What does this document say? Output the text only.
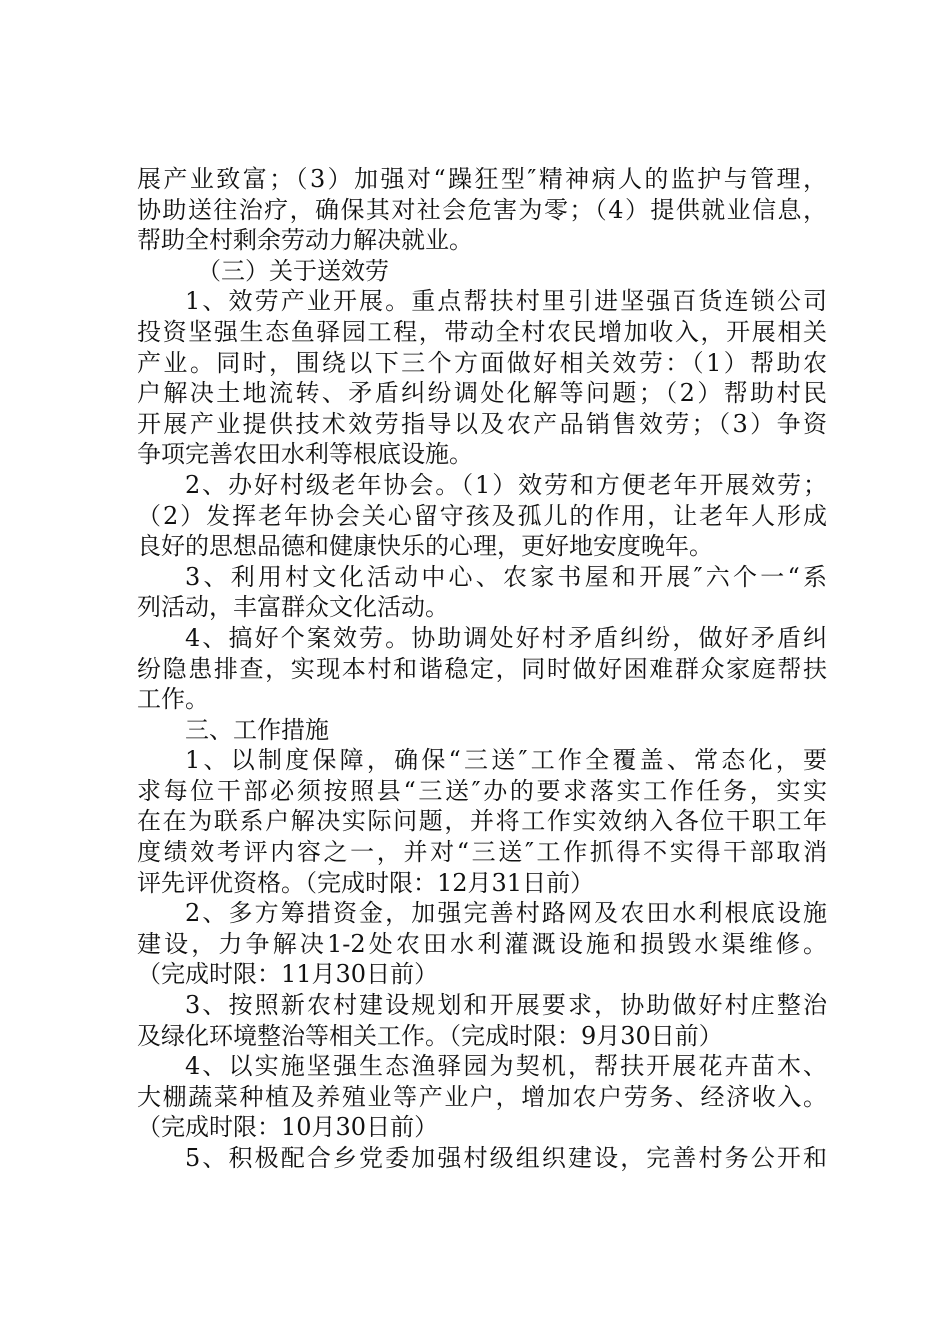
展产业致富；（3）加强对“躁狂型″精神病人的监护与管理，
协助送往治疗，确保其对社会危害为零；（4）提供就业信息，
帮助全村剩余劳动力解决就业。
（三）关于送效劳
1、效劳产业开展。重点帮扶村里引进坚强百货连锁公司
投资坚强生态鱼驿园工程，带动全村农民增加收入，开展相关
产业。同时，围绕以下三个方面做好相关效劳：（1）帮助农
户解决土地流转、矛盾纠纷调处化解等问题；（2）帮助村民
开展产业提供技术效劳指导以及农产品销售效劳；（3）争资
争项完善农田水利等根底设施。
2、办好村级老年协会。（1）效劳和方便老年开展效劳；
（2）发挥老年协会关心留守孩及孤儿的作用，让老年人形成
良好的思想品德和健康快乐的心理，更好地安度晚年。
3、利用村文化活动中心、农家书屋和开展″六个一“系
列活动，丰富群众文化活动。
4、搞好个案效劳。协助调处好村矛盾纠纷，做好矛盾纠
纷隐患排查，实现本村和谐稳定，同时做好困难群众家庭帮扶
工作。
三、工作措施
1、以制度保障，确保“三送″工作全覆盖、常态化，要
求每位干部必须按照县“三送″办的要求落实工作任务，实实
在在为联系户解决实际问题，并将工作实效纳入各位干职工年
度绩效考评内容之一，并对“三送″工作抓得不实得干部取消
评先评优资格。（完成时限：12月31日前）
2、多方筹措资金，加强完善村路网及农田水利根底设施
建设，力争解决1-2处农田水利灌溉设施和损毁水渠维修。
（完成时限：11月30日前）
3、按照新农村建设规划和开展要求，协助做好村庄整治
及绿化环境整治等相关工作。（完成时限：9月30日前）
4、以实施坚强生态渔驿园为契机，帮扶开展花卉苗木、
大棚蔬菜种植及养殖业等产业户，增加农户劳务、经济收入。
（完成时限：10月30日前）
5、积极配合乡党委加强村级组织建设，完善村务公开和
